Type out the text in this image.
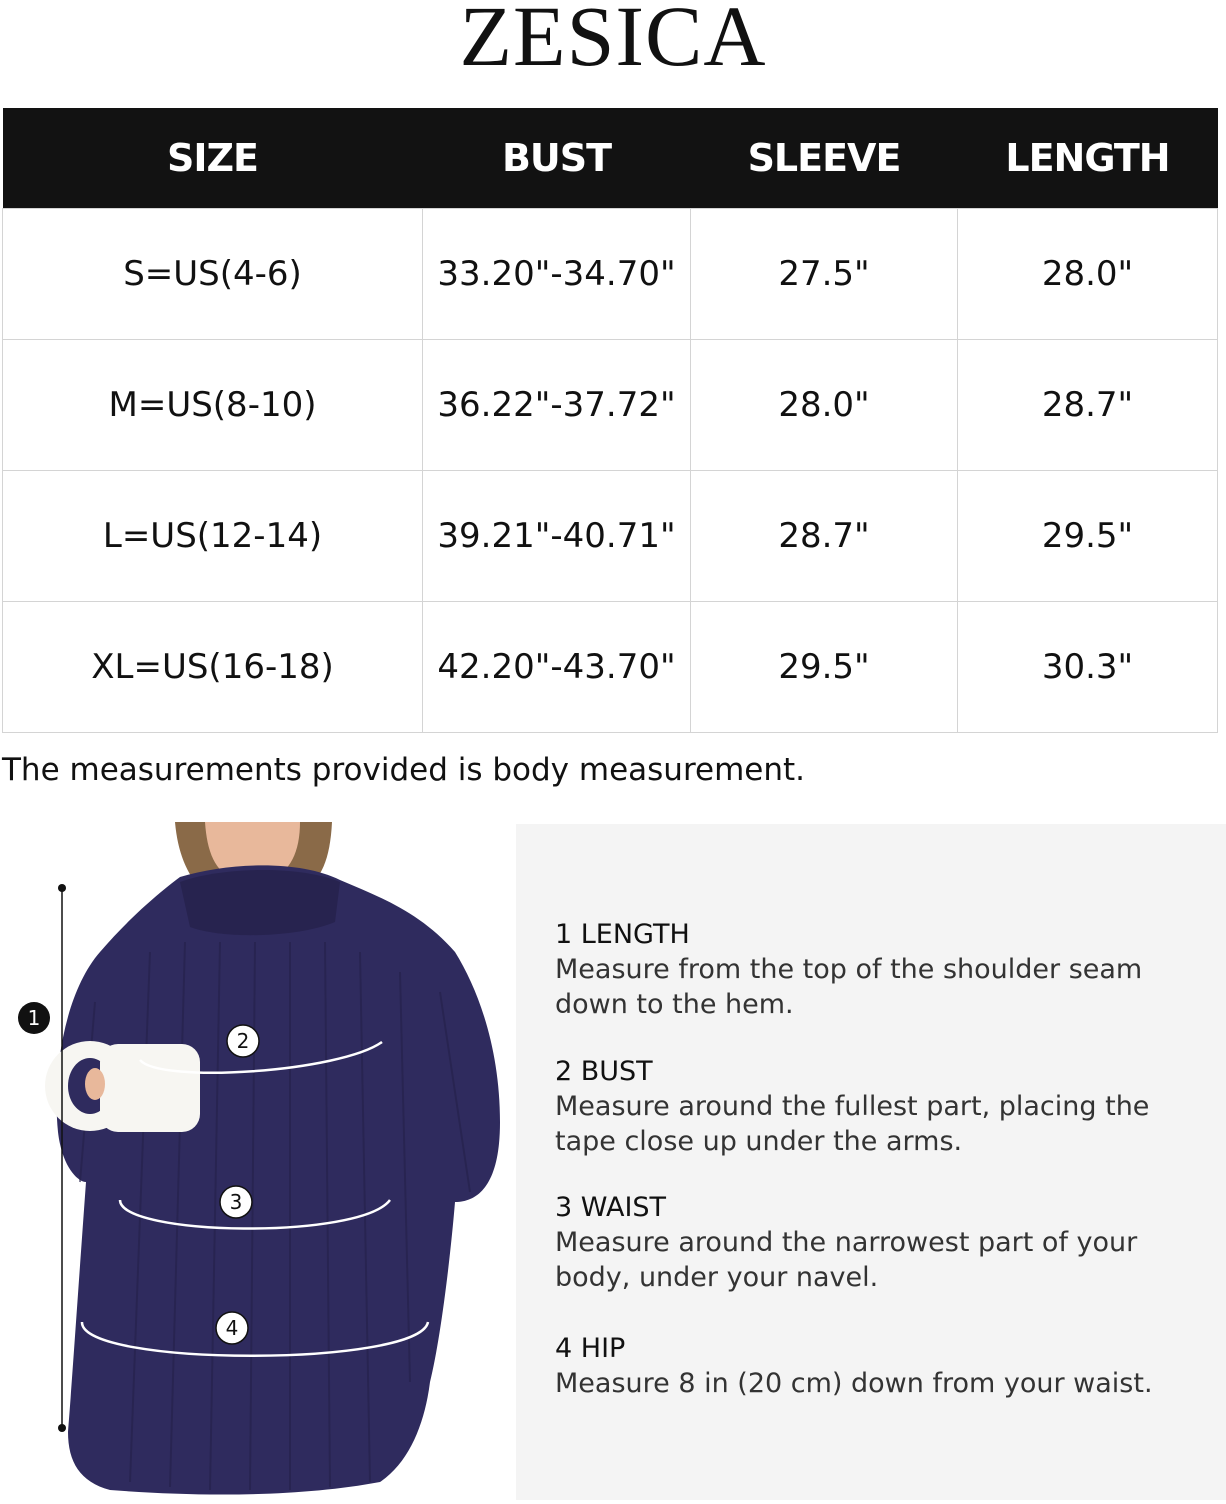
ZESICA
SIZE	BUST	SLEEVE	LENGTH
S=US(4-6)	33.20"-34.70"	27.5"	28.0"
M=US(8-10)	36.22"-37.72"	28.0"	28.7"
L=US(12-14)	39.21"-40.71"	28.7"	29.5"
XL=US(16-18)	42.20"-43.70"	29.5"	30.3"
The measurements provided is body measurement.
1
2
3
4
1 LENGTH
Measure from the top of the shoulder seam down to the hem.
2 BUST
Measure around the fullest part, placing the tape close up under the arms.
3 WAIST
Measure around the narrowest part of your body, under your navel.
4 HIP
Measure 8 in (20 cm) down from your waist.
